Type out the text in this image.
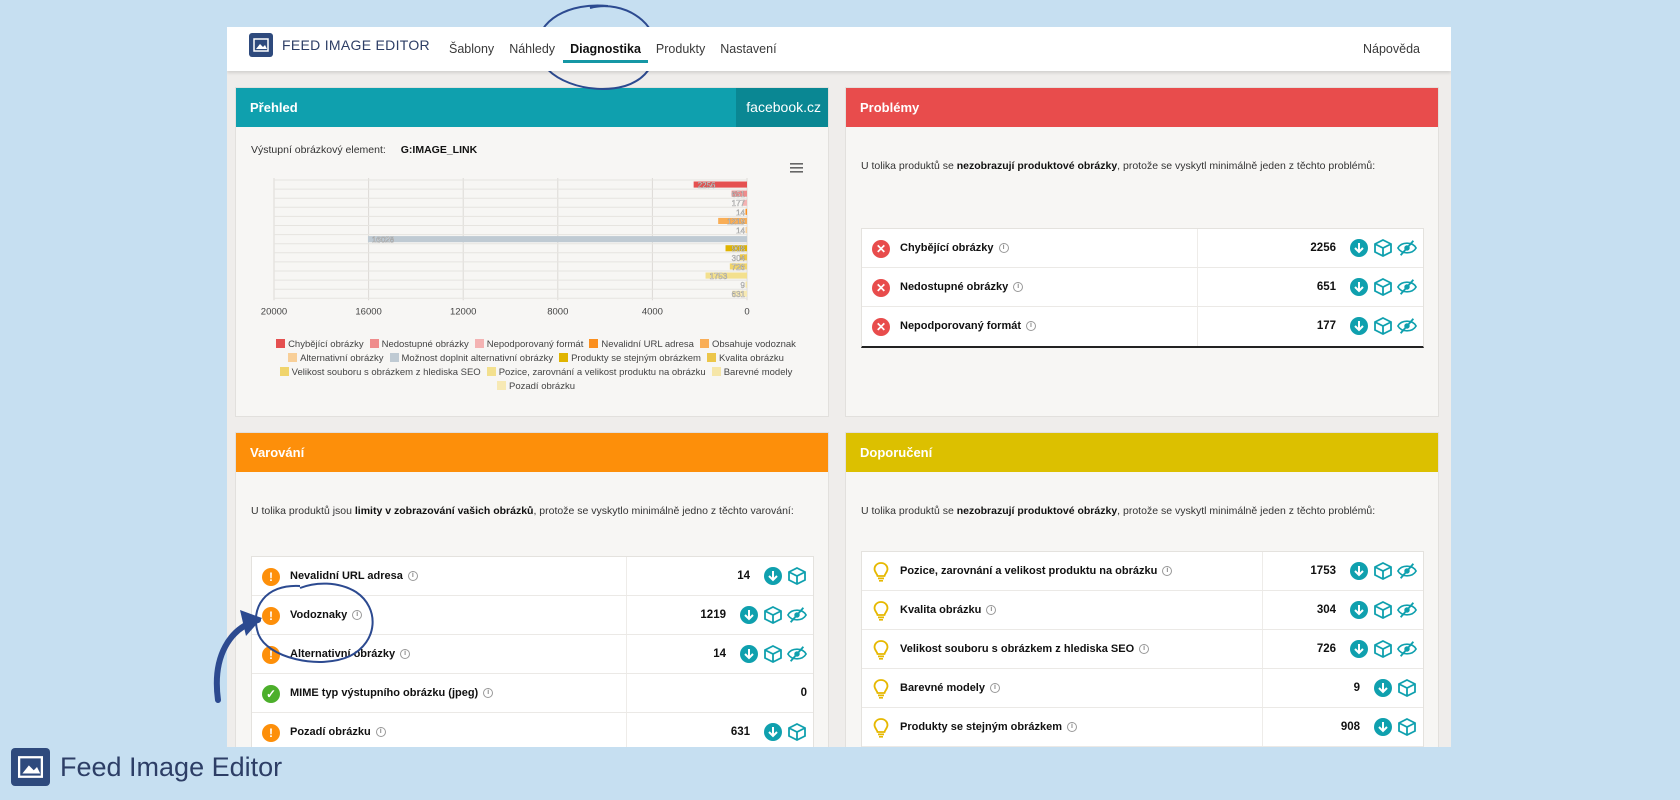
FEED IMAGE EDITOR Šablony Náhledy Diagnostika Produkty Nastavení	Nápověda
Přehled	facebook.cz
Výstupní obrázkový element: G:IMAGE_LINK
20000	16000	12000	8000	4000	0
2256
651
177
14
1219
14
16028
908
304
726
1753
9
631
Chybějící obrázky Nedostupné obrázky Nepodporovaný formát Nevalidní URL adresa Obsahuje vodoznakAlternativní obrázky Možnost doplnit alternativní obrázky Produkty se stejným obrázkem Kvalita obrázkuVelikost souboru s obrázkem z hlediska SEO Pozice, zarovnání a velikost produktu na obrázku Barevné modelyPozadí obrázku
Problémy
U tolika produktů se nezobrazují produktové obrázky, protože se vyskytl minimálně jeden z těchto problémů:
✕	Chybějící obrázky i	2256
✕	Nedostupné obrázky i	651
✕	Nepodporovaný formát i	177
Varování
U tolika produktů jsou limity v zobrazování vašich obrázků, protože se vyskytlo minimálně jedno z těchto varování:
!	Nevalidní URL adresa i	14
!	Vodoznaky i	1219
!	Alternativní obrázky i	14
✓	MIME typ výstupního obrázku (jpeg) i	0
!	Pozadí obrázku i	631
Doporučení
U tolika produktů se nezobrazují produktové obrázky, protože se vyskytl minimálně jeden z těchto problémů:
Pozice, zarovnání a velikost produktu na obrázku i	1753
Kvalita obrázku i	304
Velikost souboru s obrázkem z hlediska SEO i	726
Barevné modely i	9
Produkty se stejným obrázkem i	908
Feed Image Editor
